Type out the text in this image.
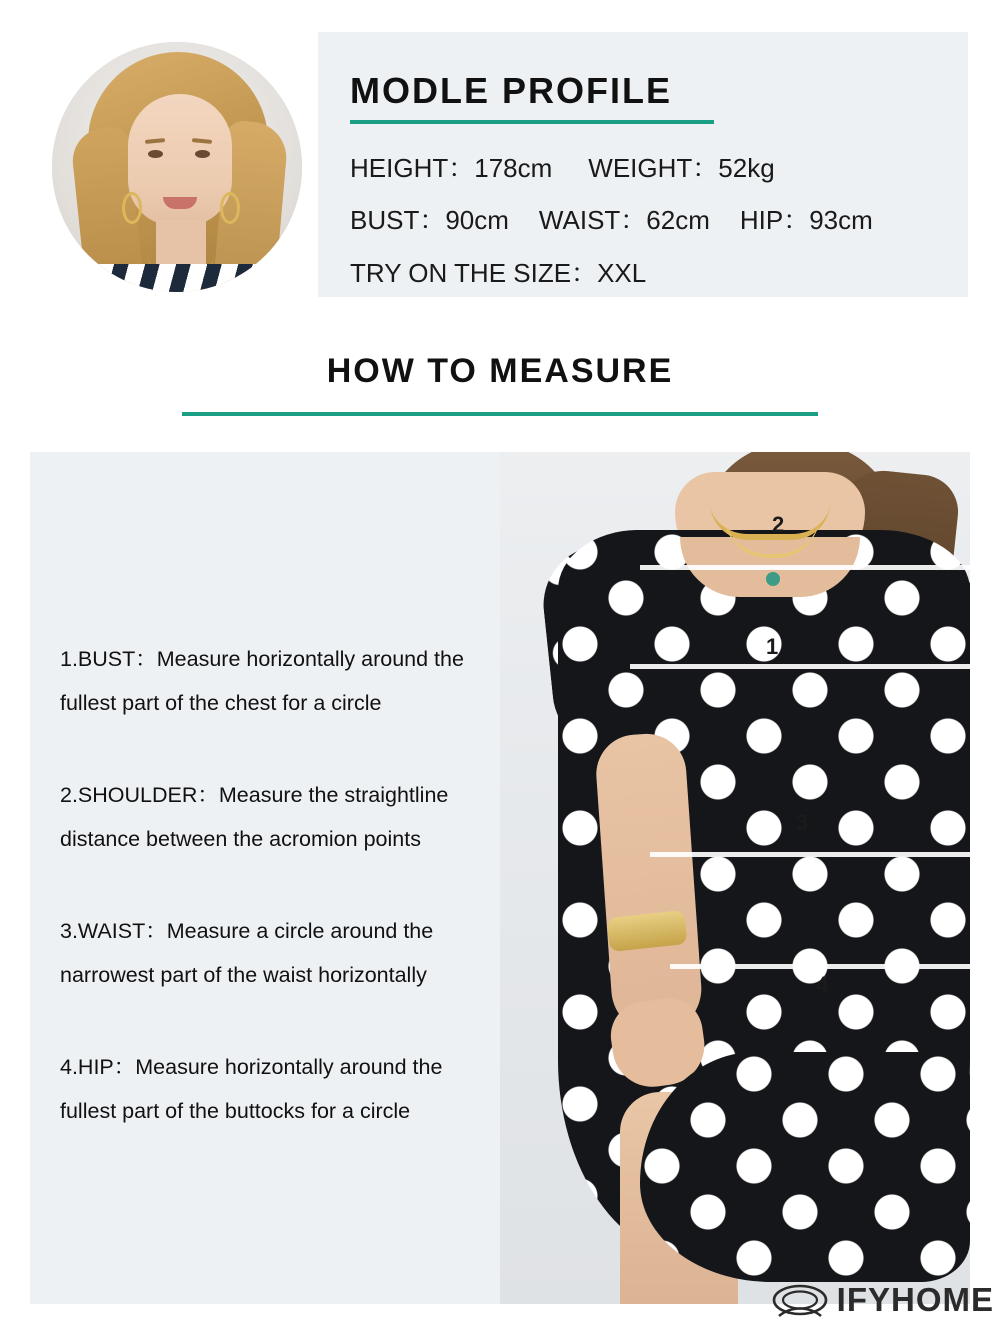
MODLE PROFILE
HEIGHT：178cm WEIGHT：52kg
BUST：90cm WAIST：62cm HIP：93cm
TRY ON THE SIZE：XXL
HOW TO MEASURE
1.BUST：Measure horizontally around the
fullest part of the chest for a circle
2.SHOULDER：Measure the straightline
distance between the acromion points
3.WAIST：Measure a circle around the
narrowest part of the waist horizontally
4.HIP：Measure horizontally around the
fullest part of the buttocks for a circle
2
1
3
4
IFYHOME
